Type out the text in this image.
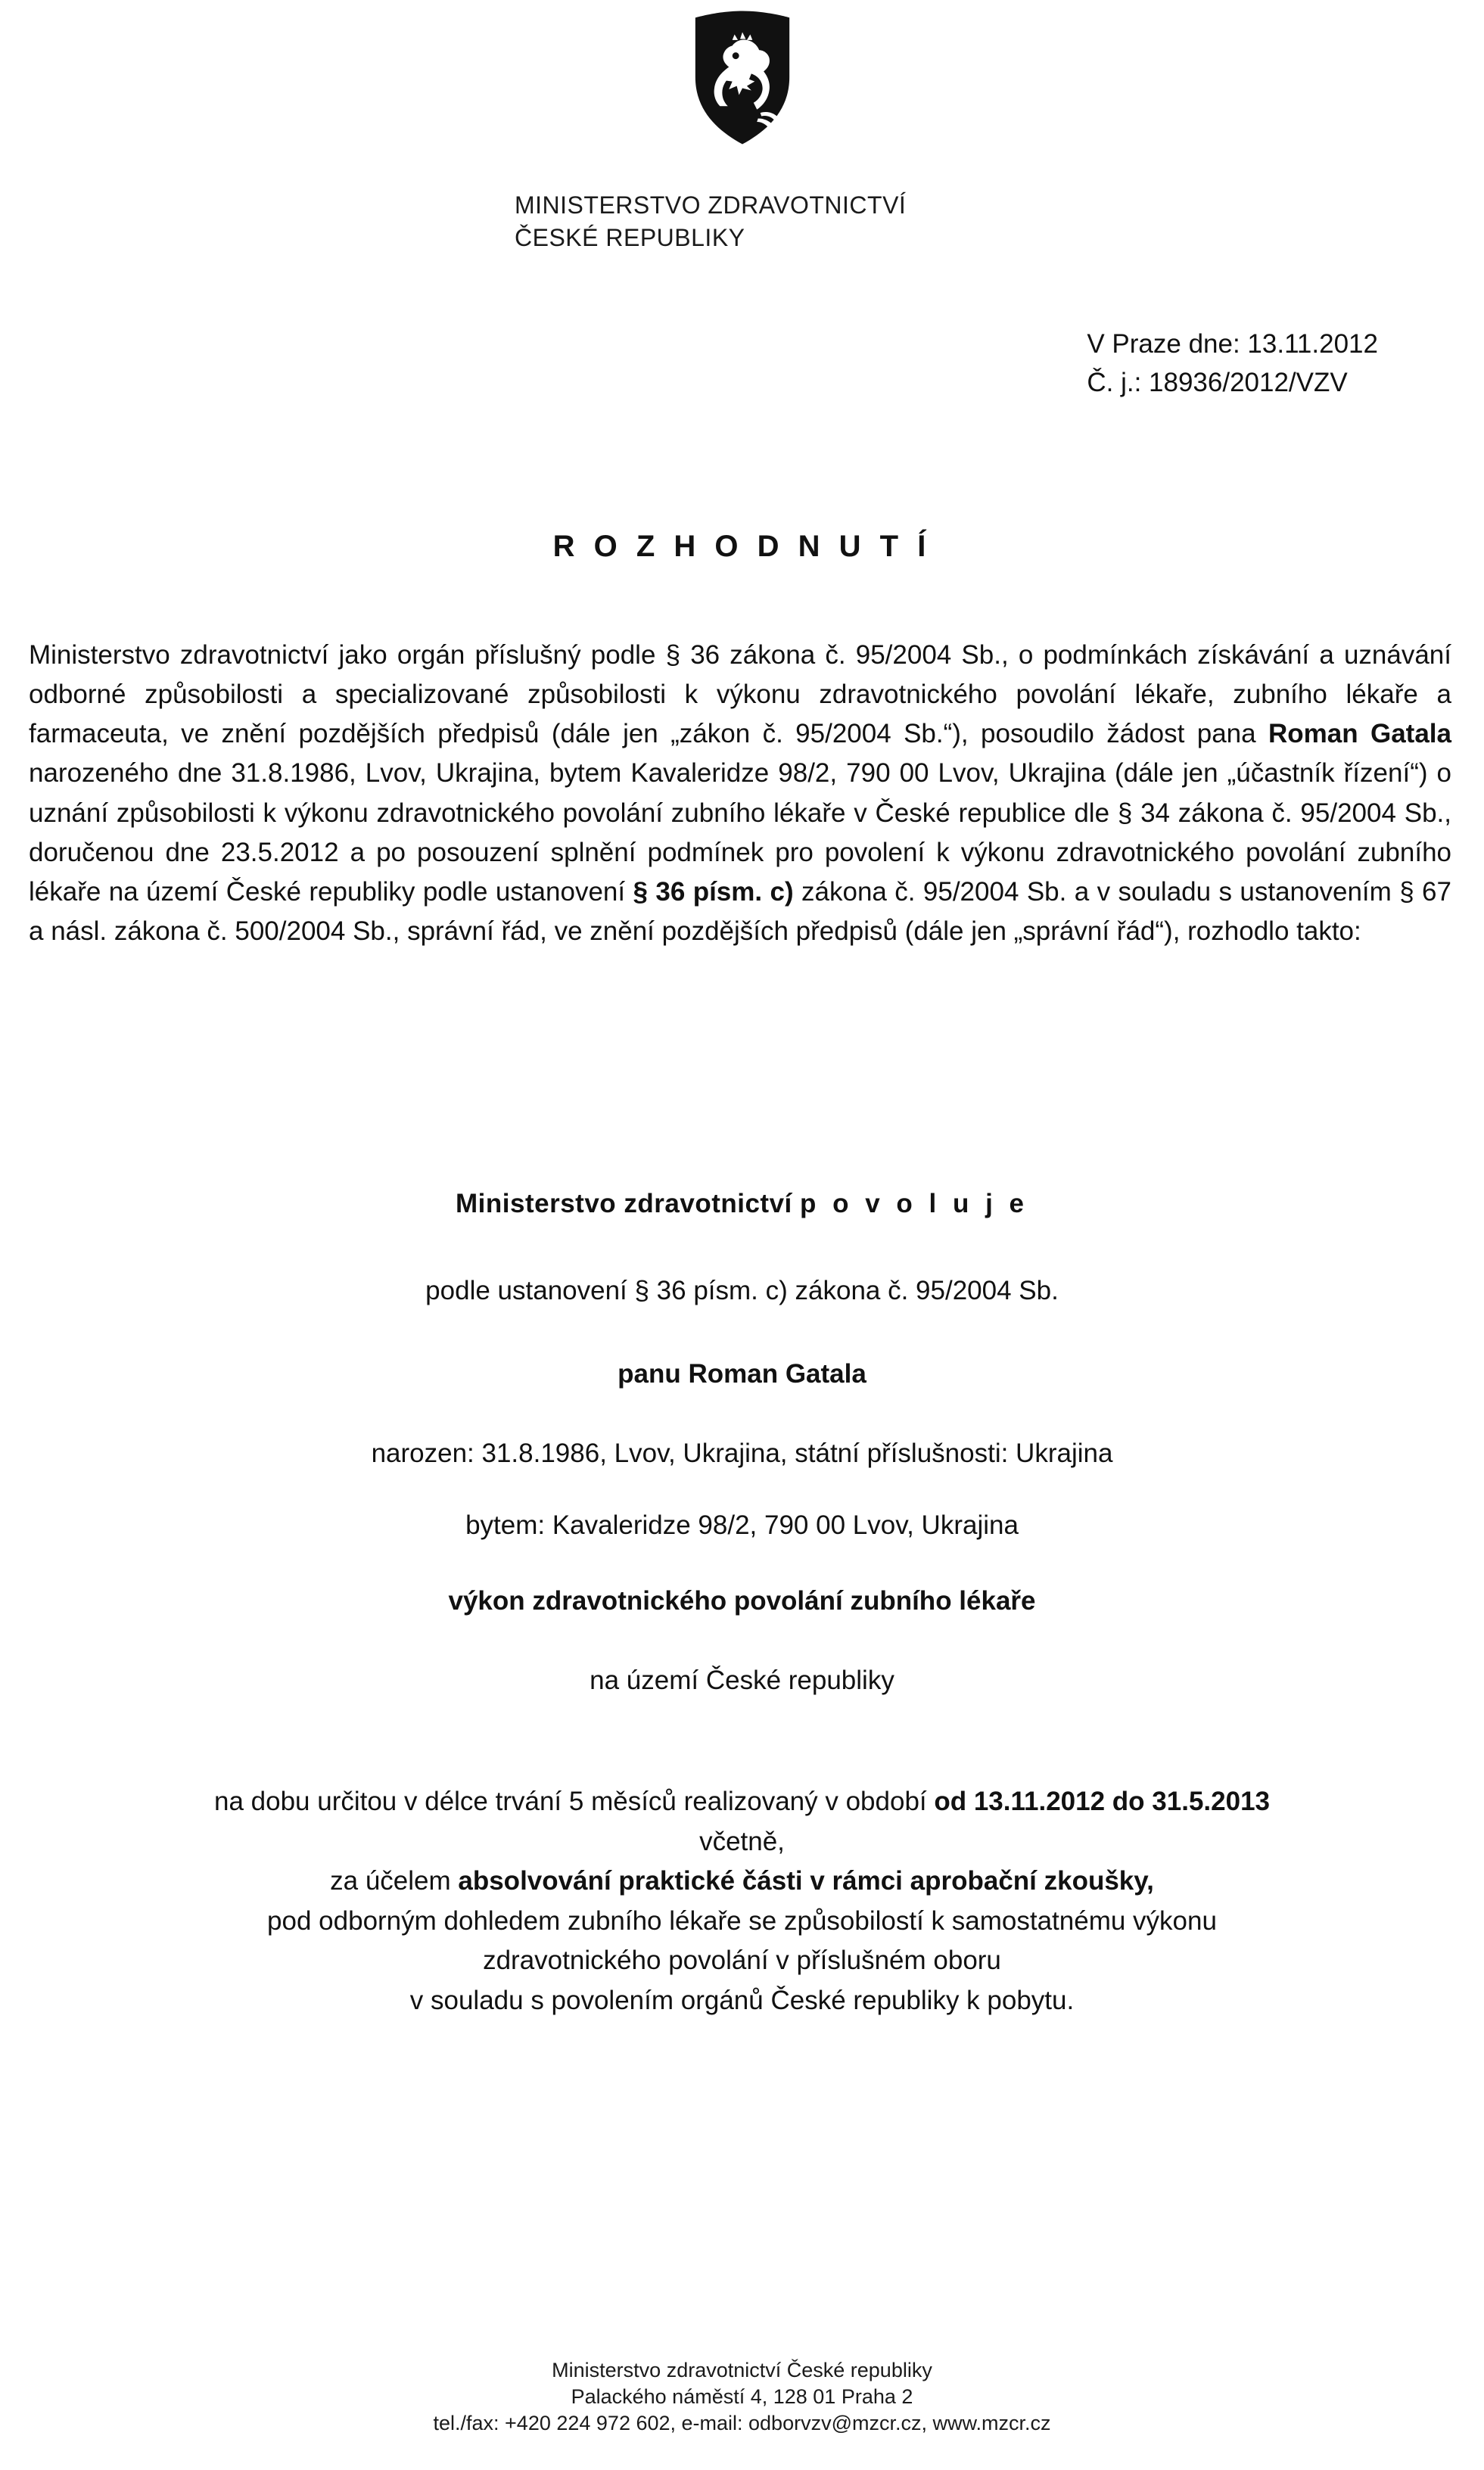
MINISTERSTVO ZDRAVOTNICTVÍ
ČESKÉ REPUBLIKY
V Praze dne: 13.11.2012
Č. j.: 18936/2012/VZV
R O Z H O D N U T Í

Ministerstvo zdravotnictví jako orgán příslušný podle § 36 zákona č. 95/2004 Sb., o podmínkách získávání a uznávání odborné způsobilosti a specializované způsobilosti k výkonu zdravotnického povolání lékaře, zubního lékaře a farmaceuta, ve znění pozdějších předpisů (dále jen „zákon č. 95/2004 Sb.“), posoudilo žádost pana Roman Gatala narozeného dne 31.8.1986, Lvov, Ukrajina, bytem Kavaleridze 98/2, 790 00 Lvov, Ukrajina (dále jen „účastník řízení“) o uznání způsobilosti k výkonu zdravotnického povolání zubního lékaře v České republice dle § 34 zákona č. 95/2004 Sb., doručenou dne 23.5.2012 a po posouzení splnění podmínek pro povolení k výkonu zdravotnického povolání zubního lékaře na území České republiky podle ustanovení § 36 písm. c) zákona č. 95/2004 Sb. a v souladu s ustanovením § 67 a násl. zákona č. 500/2004 Sb., správní řád, ve znění pozdějších předpisů (dále jen „správní řád“), rozhodlo takto:

Ministerstvo zdravotnictví p o v o l u j e
podle ustanovení § 36 písm. c) zákona č. 95/2004 Sb.
panu Roman Gatala
narozen: 31.8.1986, Lvov, Ukrajina, státní příslušnosti: Ukrajina
bytem: Kavaleridze 98/2, 790 00 Lvov, Ukrajina
výkon zdravotnického povolání zubního lékaře
na území České republiky
na dobu určitou v délce trvání 5 měsíců realizovaný v období od 13.11.2012 do 31.5.2013
včetně,
za účelem absolvování praktické části v rámci aprobační zkoušky,
pod odborným dohledem zubního lékaře se způsobilostí k samostatnému výkonu
zdravotnického povolání v příslušném oboru
v souladu s povolením orgánů České republiky k pobytu.
Ministerstvo zdravotnictví České republiky
Palackého náměstí 4, 128 01 Praha 2
tel./fax: +420 224 972 602, e-mail: odborvzv@mzcr.cz, www.mzcr.cz
